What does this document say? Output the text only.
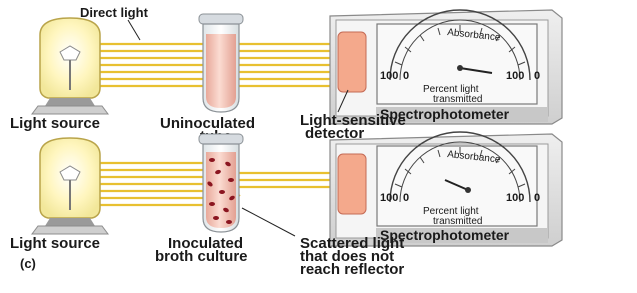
Absorbance
100 0	100 0
Percent light
transmitted
Spectrophotometer
Direct light
Light source	Uninoculated	Light-sensitive
detector
Absorbance
100 0	100 0
Percent light
transmitted
Spectrophotometer
Light source
(c)
Inoculated
broth culture
Scattered light
that does not
reach reflector
